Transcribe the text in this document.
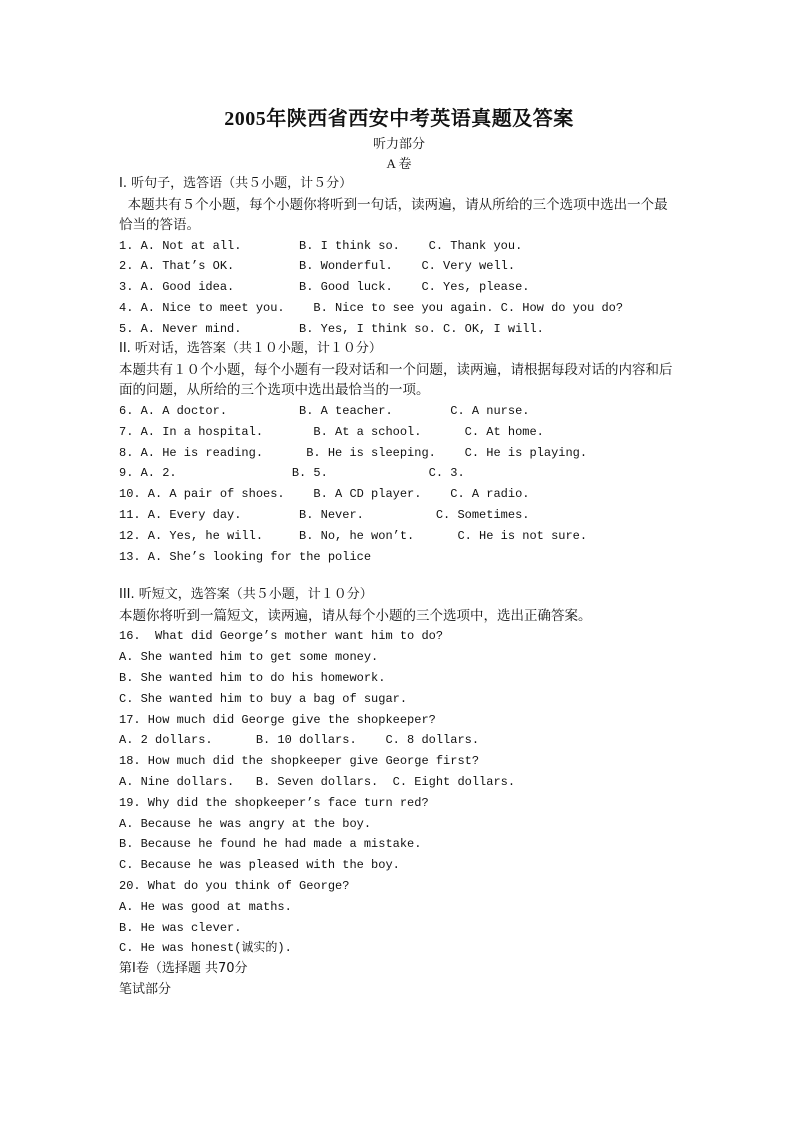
2005年陕西省西安中考英语真题及答案
听力部分
A 卷
I. 听句子，选答语（共５小题，计５分）
本题共有５个小题，每个小题你将听到一句话，读两遍，请从所给的三个选项中选出一个最恰当的答语。
1. A. Not at all.        B. I think so.    C. Thank you.
2. A. That’s OK.         B. Wonderful.    C. Very well.
3. A. Good idea.         B. Good luck.    C. Yes, please.
4. A. Nice to meet you.    B. Nice to see you again. C. How do you do?
5. A. Never mind.        B. Yes, I think so. C. OK, I will.
II. 听对话，选答案（共１０小题，计１０分）
本题共有１０个小题，每个小题有一段对话和一个问题，读两遍，请根据每段对话的内容和后面的问题，从所给的三个选项中选出最恰当的一项。
6. A. A doctor.          B. A teacher.        C. A nurse.
7. A. In a hospital.       B. At a school.      C. At home.
8. A. He is reading.      B. He is sleeping.    C. He is playing.
9. A. 2.                B. 5.              C. 3.
10. A. A pair of shoes.    B. A CD player.    C. A radio.
11. A. Every day.        B. Never.          C. Sometimes.
12. A. Yes, he will.     B. No, he won’t.      C. He is not sure.
13. A. She’s looking for the police
III. 听短文，选答案（共５小题，计１０分）
本题你将听到一篇短文，读两遍，请从每个小题的三个选项中，选出正确答案。
16.  What did George’s mother want him to do?
A. She wanted him to get some money.
B. She wanted him to do his homework.
C. She wanted him to buy a bag of sugar.
17. How much did George give the shopkeeper?
A. 2 dollars.      B. 10 dollars.    C. 8 dollars.
18. How much did the shopkeeper give George first?
A. Nine dollars.   B. Seven dollars.  C. Eight dollars.
19. Why did the shopkeeper’s face turn red?
A. Because he was angry at the boy.
B. Because he found he had made a mistake.
C. Because he was pleased with the boy.
20. What do you think of George?
A. He was good at maths.
B. He was clever.
C. He was honest(诚实的).
第Ⅰ卷（选择题 共70分
笔试部分
